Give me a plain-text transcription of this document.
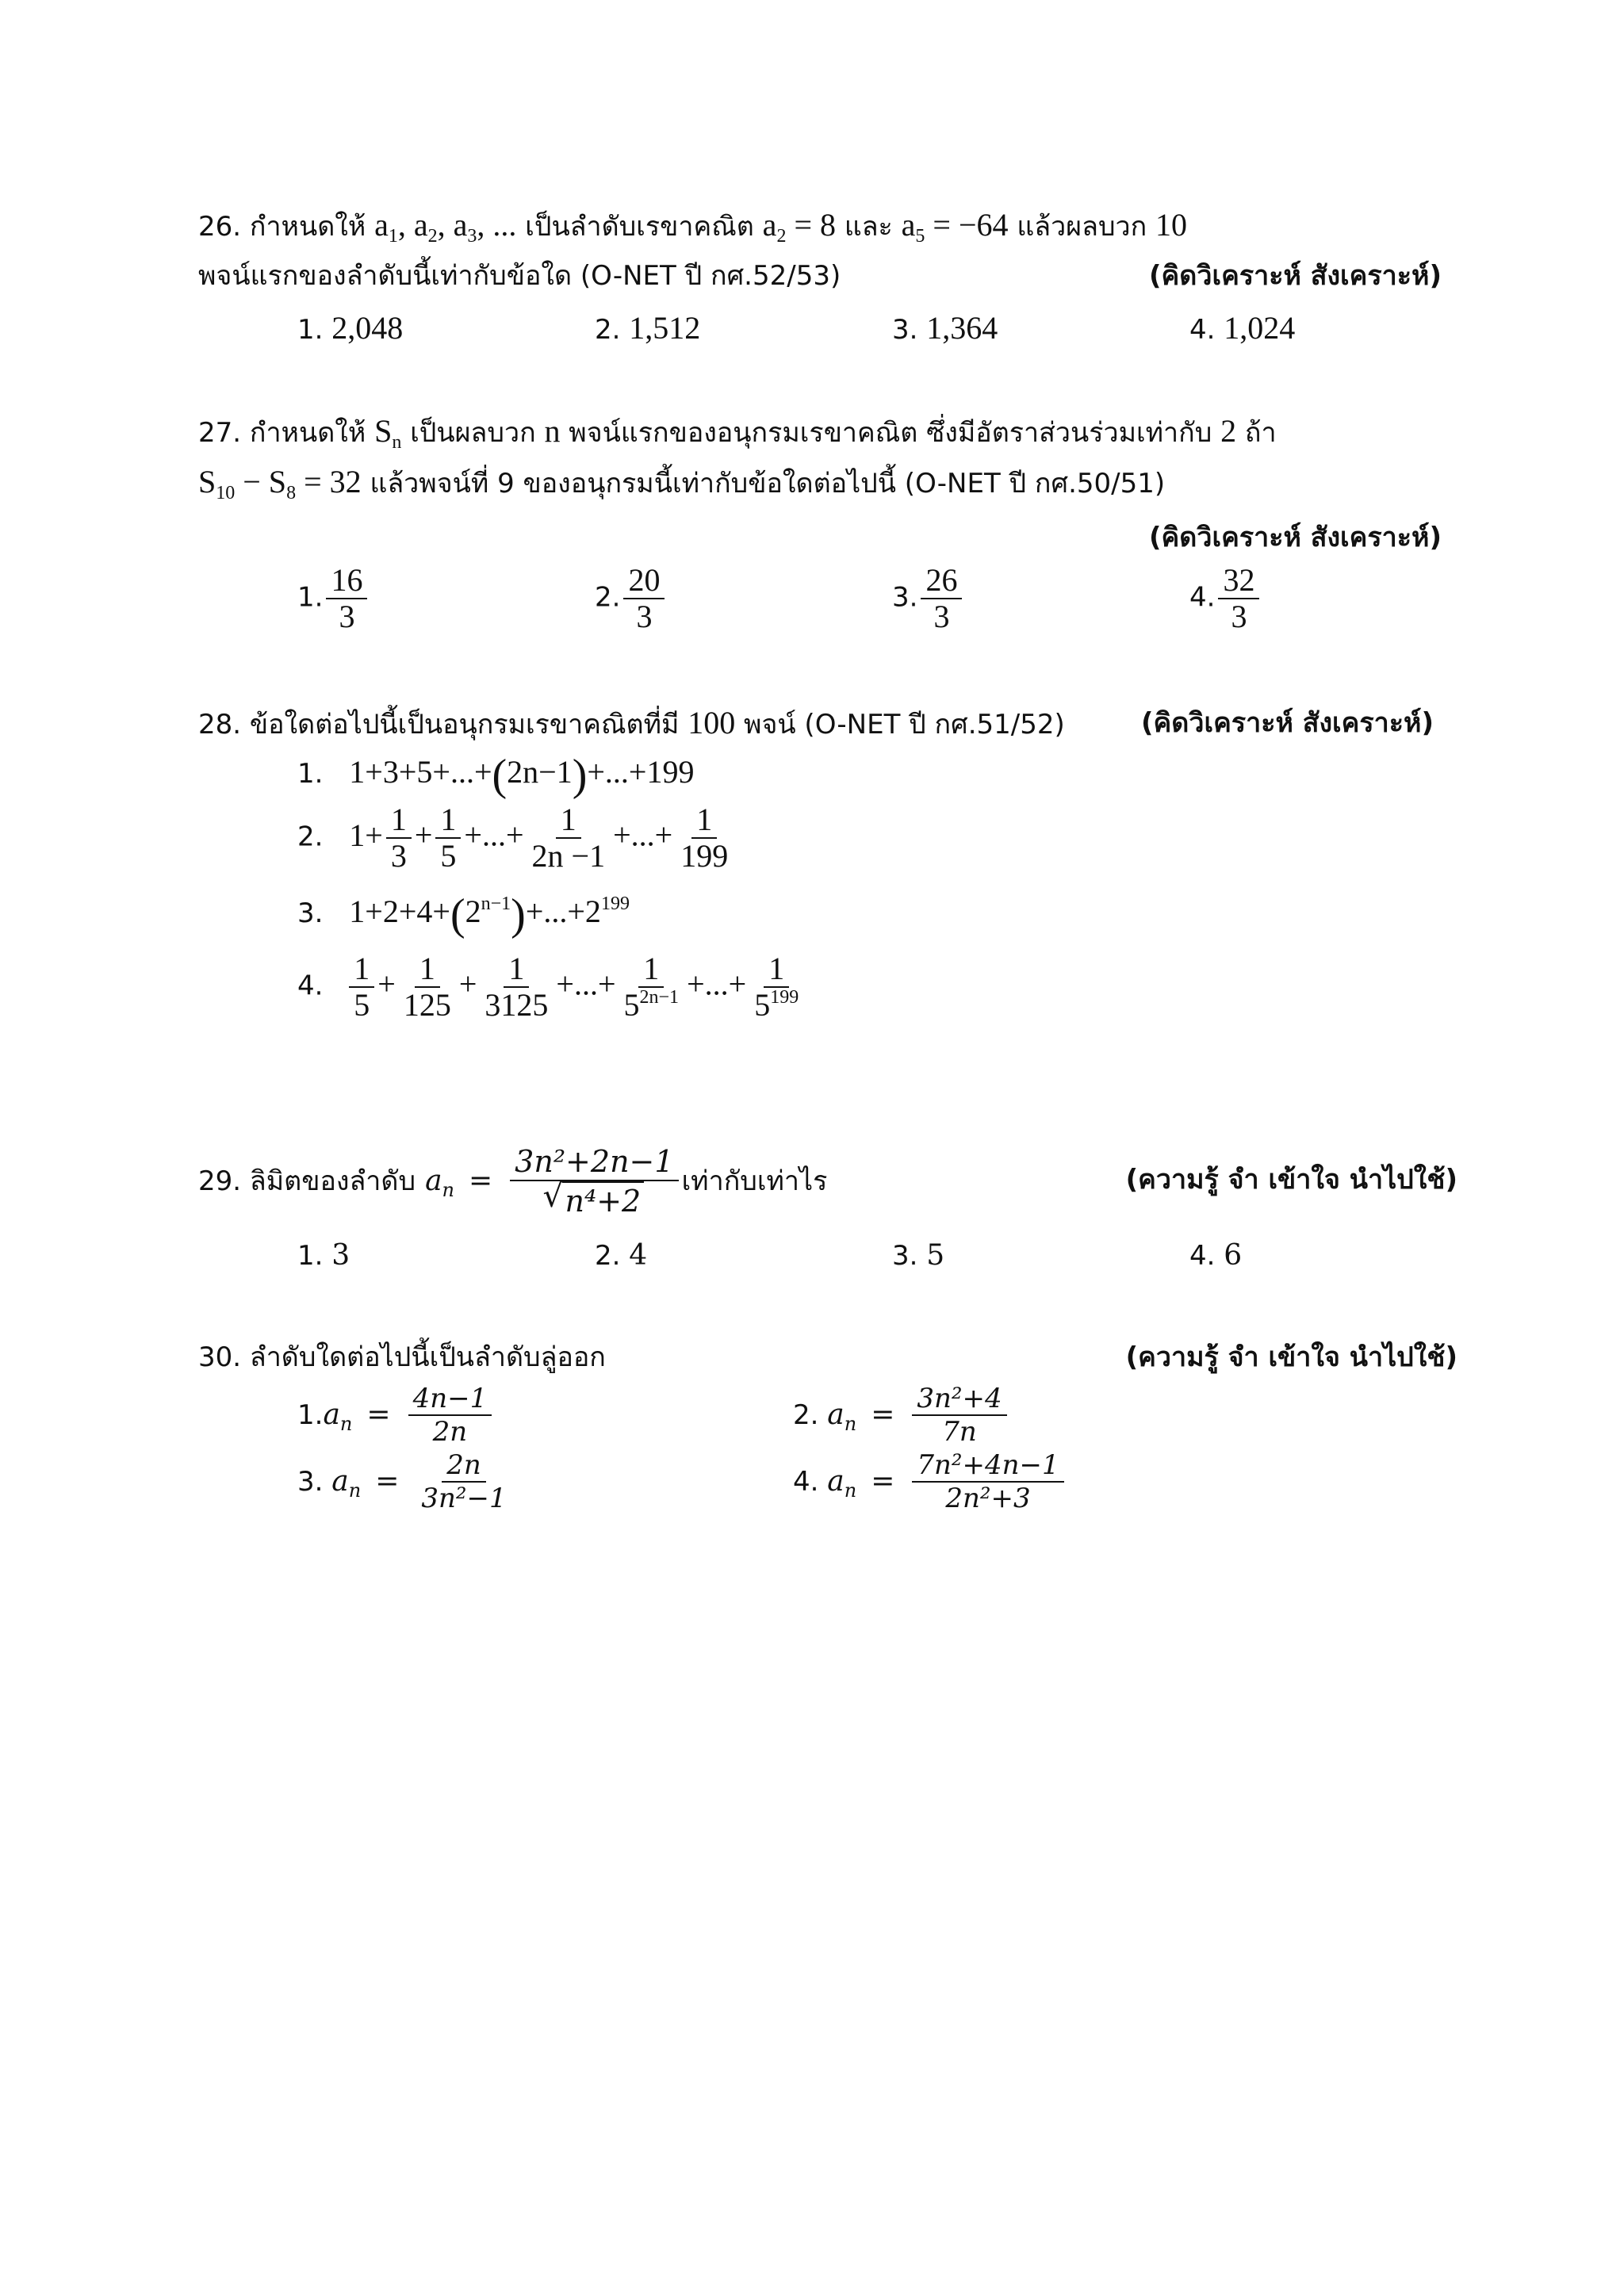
26. กำหนดให้ $a_1$, $a_2$, $a_3$, ... เป็นลำดับเรขาคณิต $a_2 = 8$ และ $a_5 = -64$ แล้วผลบวก 10
พจน์แรกของลำดับนี้เท่ากับข้อใด (O-NET ปี กศ.52/53)	(คิดวิเคราะห์ สังเคราะห์)
1. 2,048	2. 1,512	3. 1,364	4. 1,024
27. กำหนดให้ $S_n$ เป็นผลบวก n พจน์แรกของอนุกรมเรขาคณิต ซึ่งมีอัตราส่วนร่วมเท่ากับ 2 ถ้า
$S_{10} - S_8 = 32$ แล้วพจน์ที่ 9 ของอนุกรมนี้เท่ากับข้อใดต่อไปนี้ (O-NET ปี กศ.50/51)
(คิดวิเคราะห์ สังเคราะห์)
1. $\frac{16}{3}$	2. $\frac{20}{3}$	3. $\frac{26}{3}$	4. $\frac{32}{3}$
28. ข้อใดต่อไปนี้เป็นอนุกรมเรขาคณิตที่มี 100 พจน์ (O-NET ปี กศ.51/52)	(คิดวิเคราะห์ สังเคราะห์)
1. 1+3+5+...+(2n−1)+...+199
2. $1+ \frac{1}{3} + \frac{1}{5}$ +...+ $\frac{1}{2n -1}$ +...+ $\frac{1}{199}$
3. $1+2+4+(2^{n-1})+...+2^{199}$
4. $\frac{1}{5} + \frac{1}{125} + \frac{1}{3125}$ +...+ $\frac{1}{5^{2n-1}}$ +...+ $\frac{1}{5^{199}}$
29. ลิมิตของลำดับ $a_n = 3n^2+2n-1$
√ n⁴+2 เท่ากับเท่าไร	(ความรู้ จำ เข้าใจ นำไปใช้)
1. 3	2. 4	3. 5	4. 6
30. ลำดับใดต่อไปนี้เป็นลำดับลู่ออก	(ความรู้ จำ เข้าใจ นำไปใช้)
1. $a_n = \frac{4n-1}{2n}$	2.
$a_n = \frac{\text{3n²+4}}{7n}$
3.
$a_n = \frac{2n}{\text{3n²−1}}$	4.
$a_n = \frac{\text{7n²+4n−1}}{\text{2n²+3}}$
